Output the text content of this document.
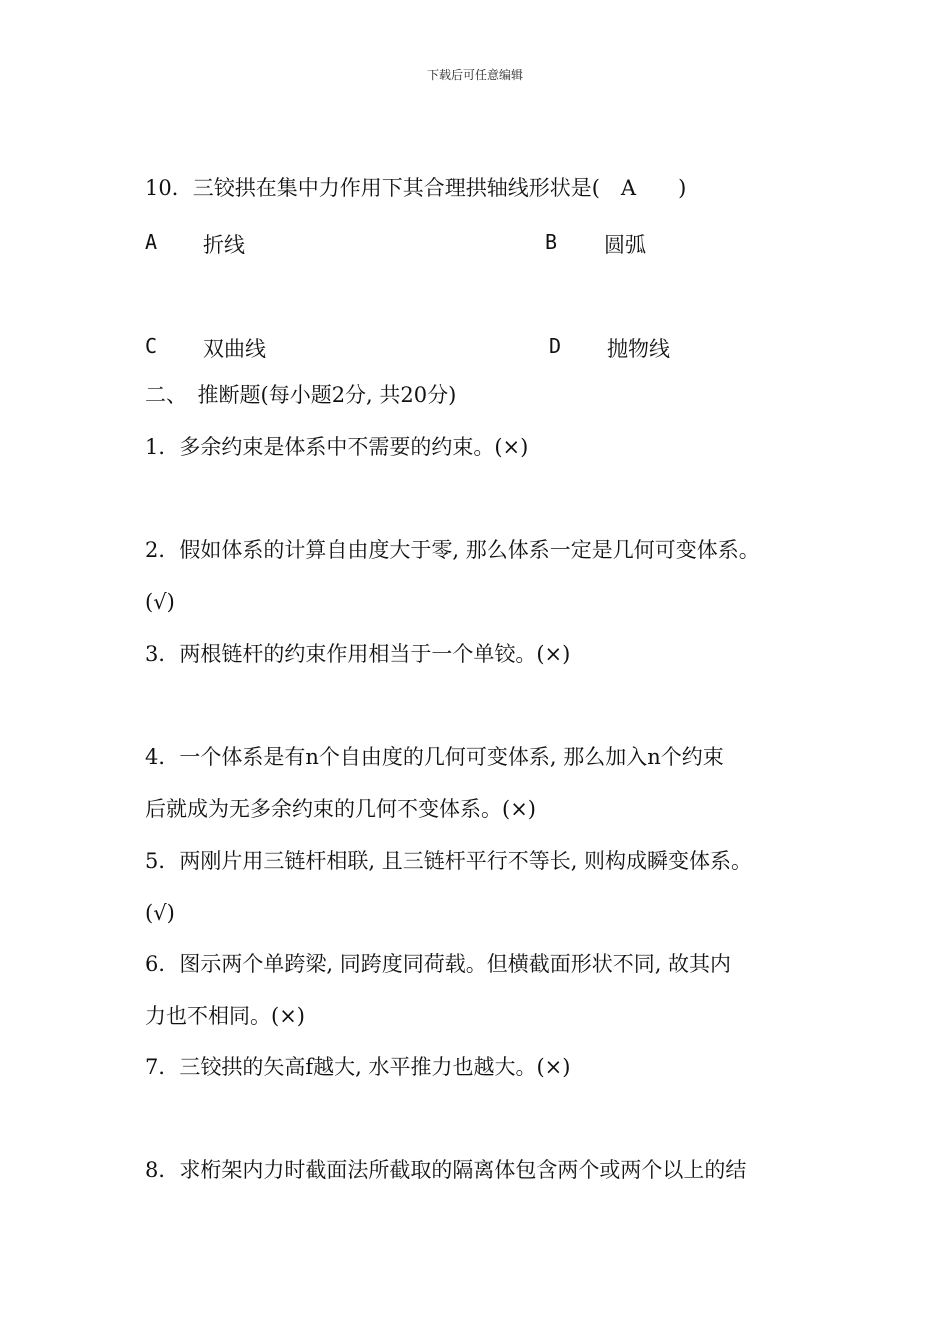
下载后可任意编辑
10．三铰拱在集中力作用下其合理拱轴线形状是(　A　　)
A 折线	B 圆弧
C 双曲线	D 抛物线
二、　推断题(每小题2分, 共20分)
1．多余约束是体系中不需要的约束。(×)
2．假如体系的计算自由度大于零, 那么体系一定是几何可变体系。
(√)
3．两根链杆的约束作用相当于一个单铰。(×)
4．一个体系是有n个自由度的几何可变体系, 那么加入n个约束
后就成为无多余约束的几何不变体系。(×)
5．两刚片用三链杆相联, 且三链杆平行不等长, 则构成瞬变体系。
(√)
6．图示两个单跨梁, 同跨度同荷载。但横截面形状不同, 故其内
力也不相同。(×)
7．三铰拱的矢高f越大, 水平推力也越大。(×)
8．求桁架内力时截面法所截取的隔离体包含两个或两个以上的结
